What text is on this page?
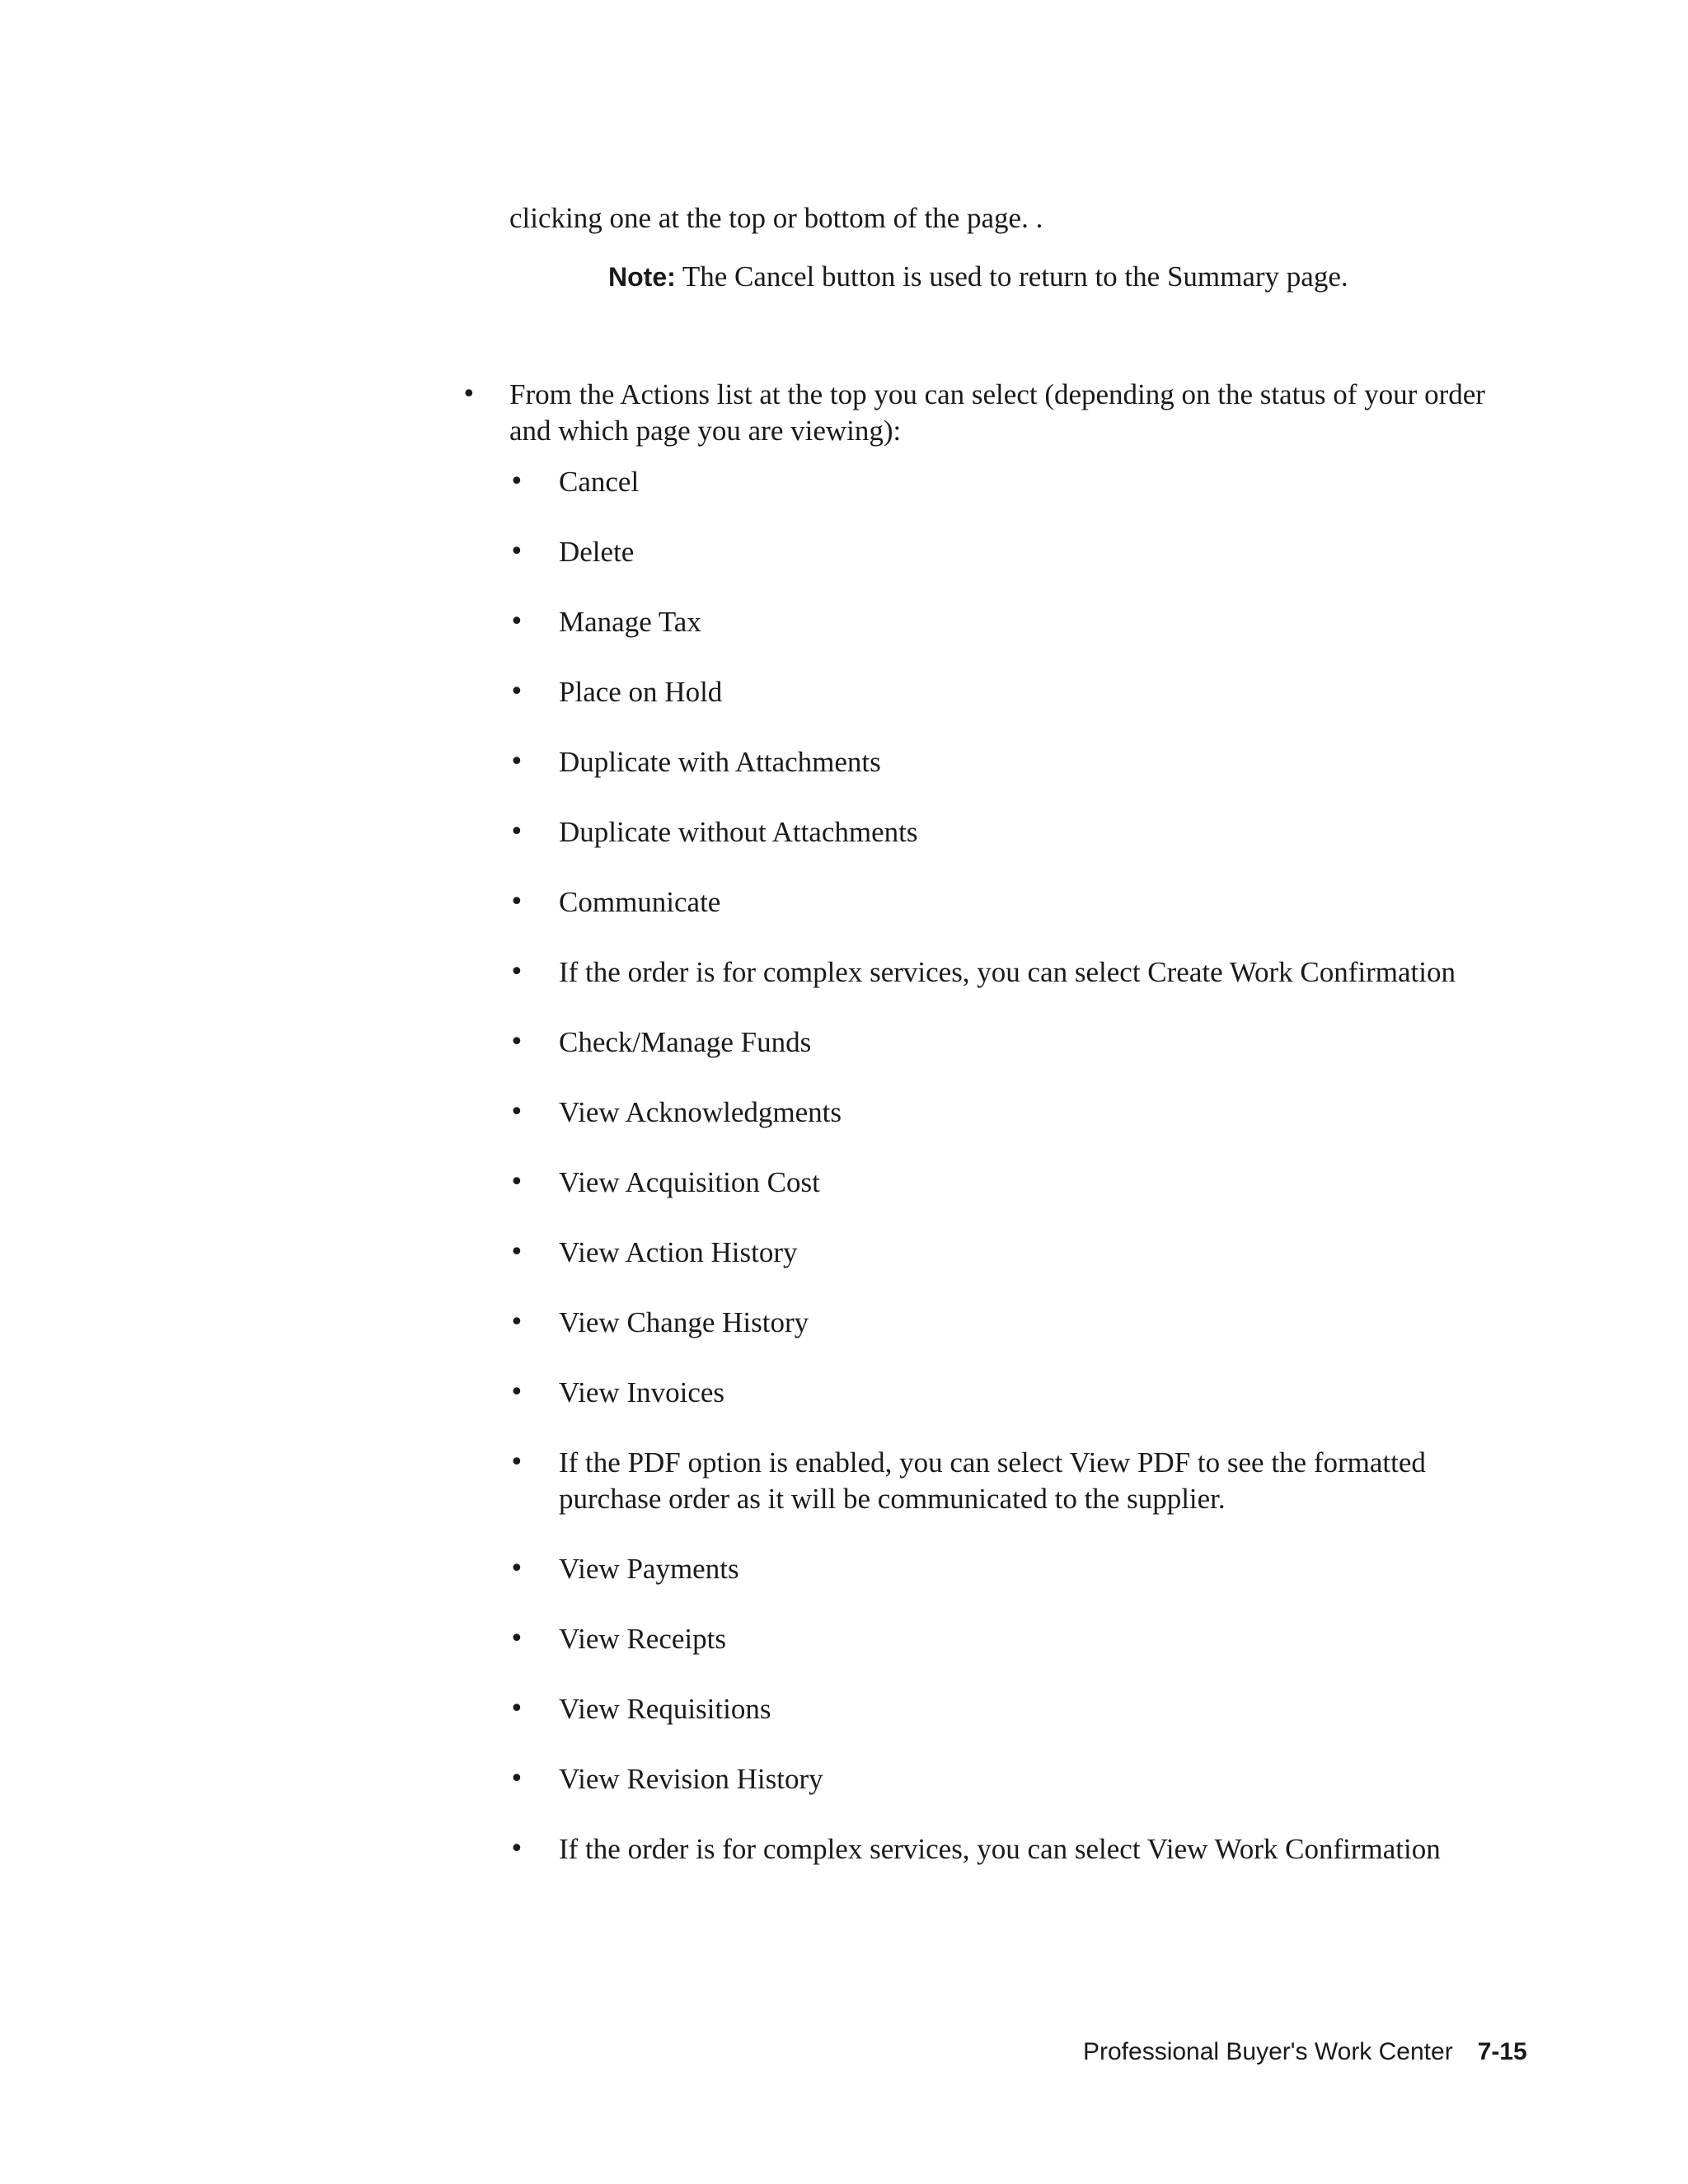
clicking one at the top or bottom of the page. .

Note: The Cancel button is used to return to the Summary page.

•	From the Actions list at the top you can select (depending on the status of your order and which page you are viewing):
•	Cancel
•	Delete
•	Manage Tax
•	Place on Hold
•	Duplicate with Attachments
•	Duplicate without Attachments
•	Communicate
•	If the order is for complex services, you can select Create Work Confirmation
•	Check/Manage Funds
•	View Acknowledgments
•	View Acquisition Cost
•	View Action History
•	View Change History
•	View Invoices
•	If the PDF option is enabled, you can select View PDF to see the formatted purchase order as it will be communicated to the supplier.
•	View Payments
•	View Receipts
•	View Requisitions
•	View Revision History
•	If the order is for complex services, you can select View Work Confirmation
Professional Buyer's Work Center 7-15
